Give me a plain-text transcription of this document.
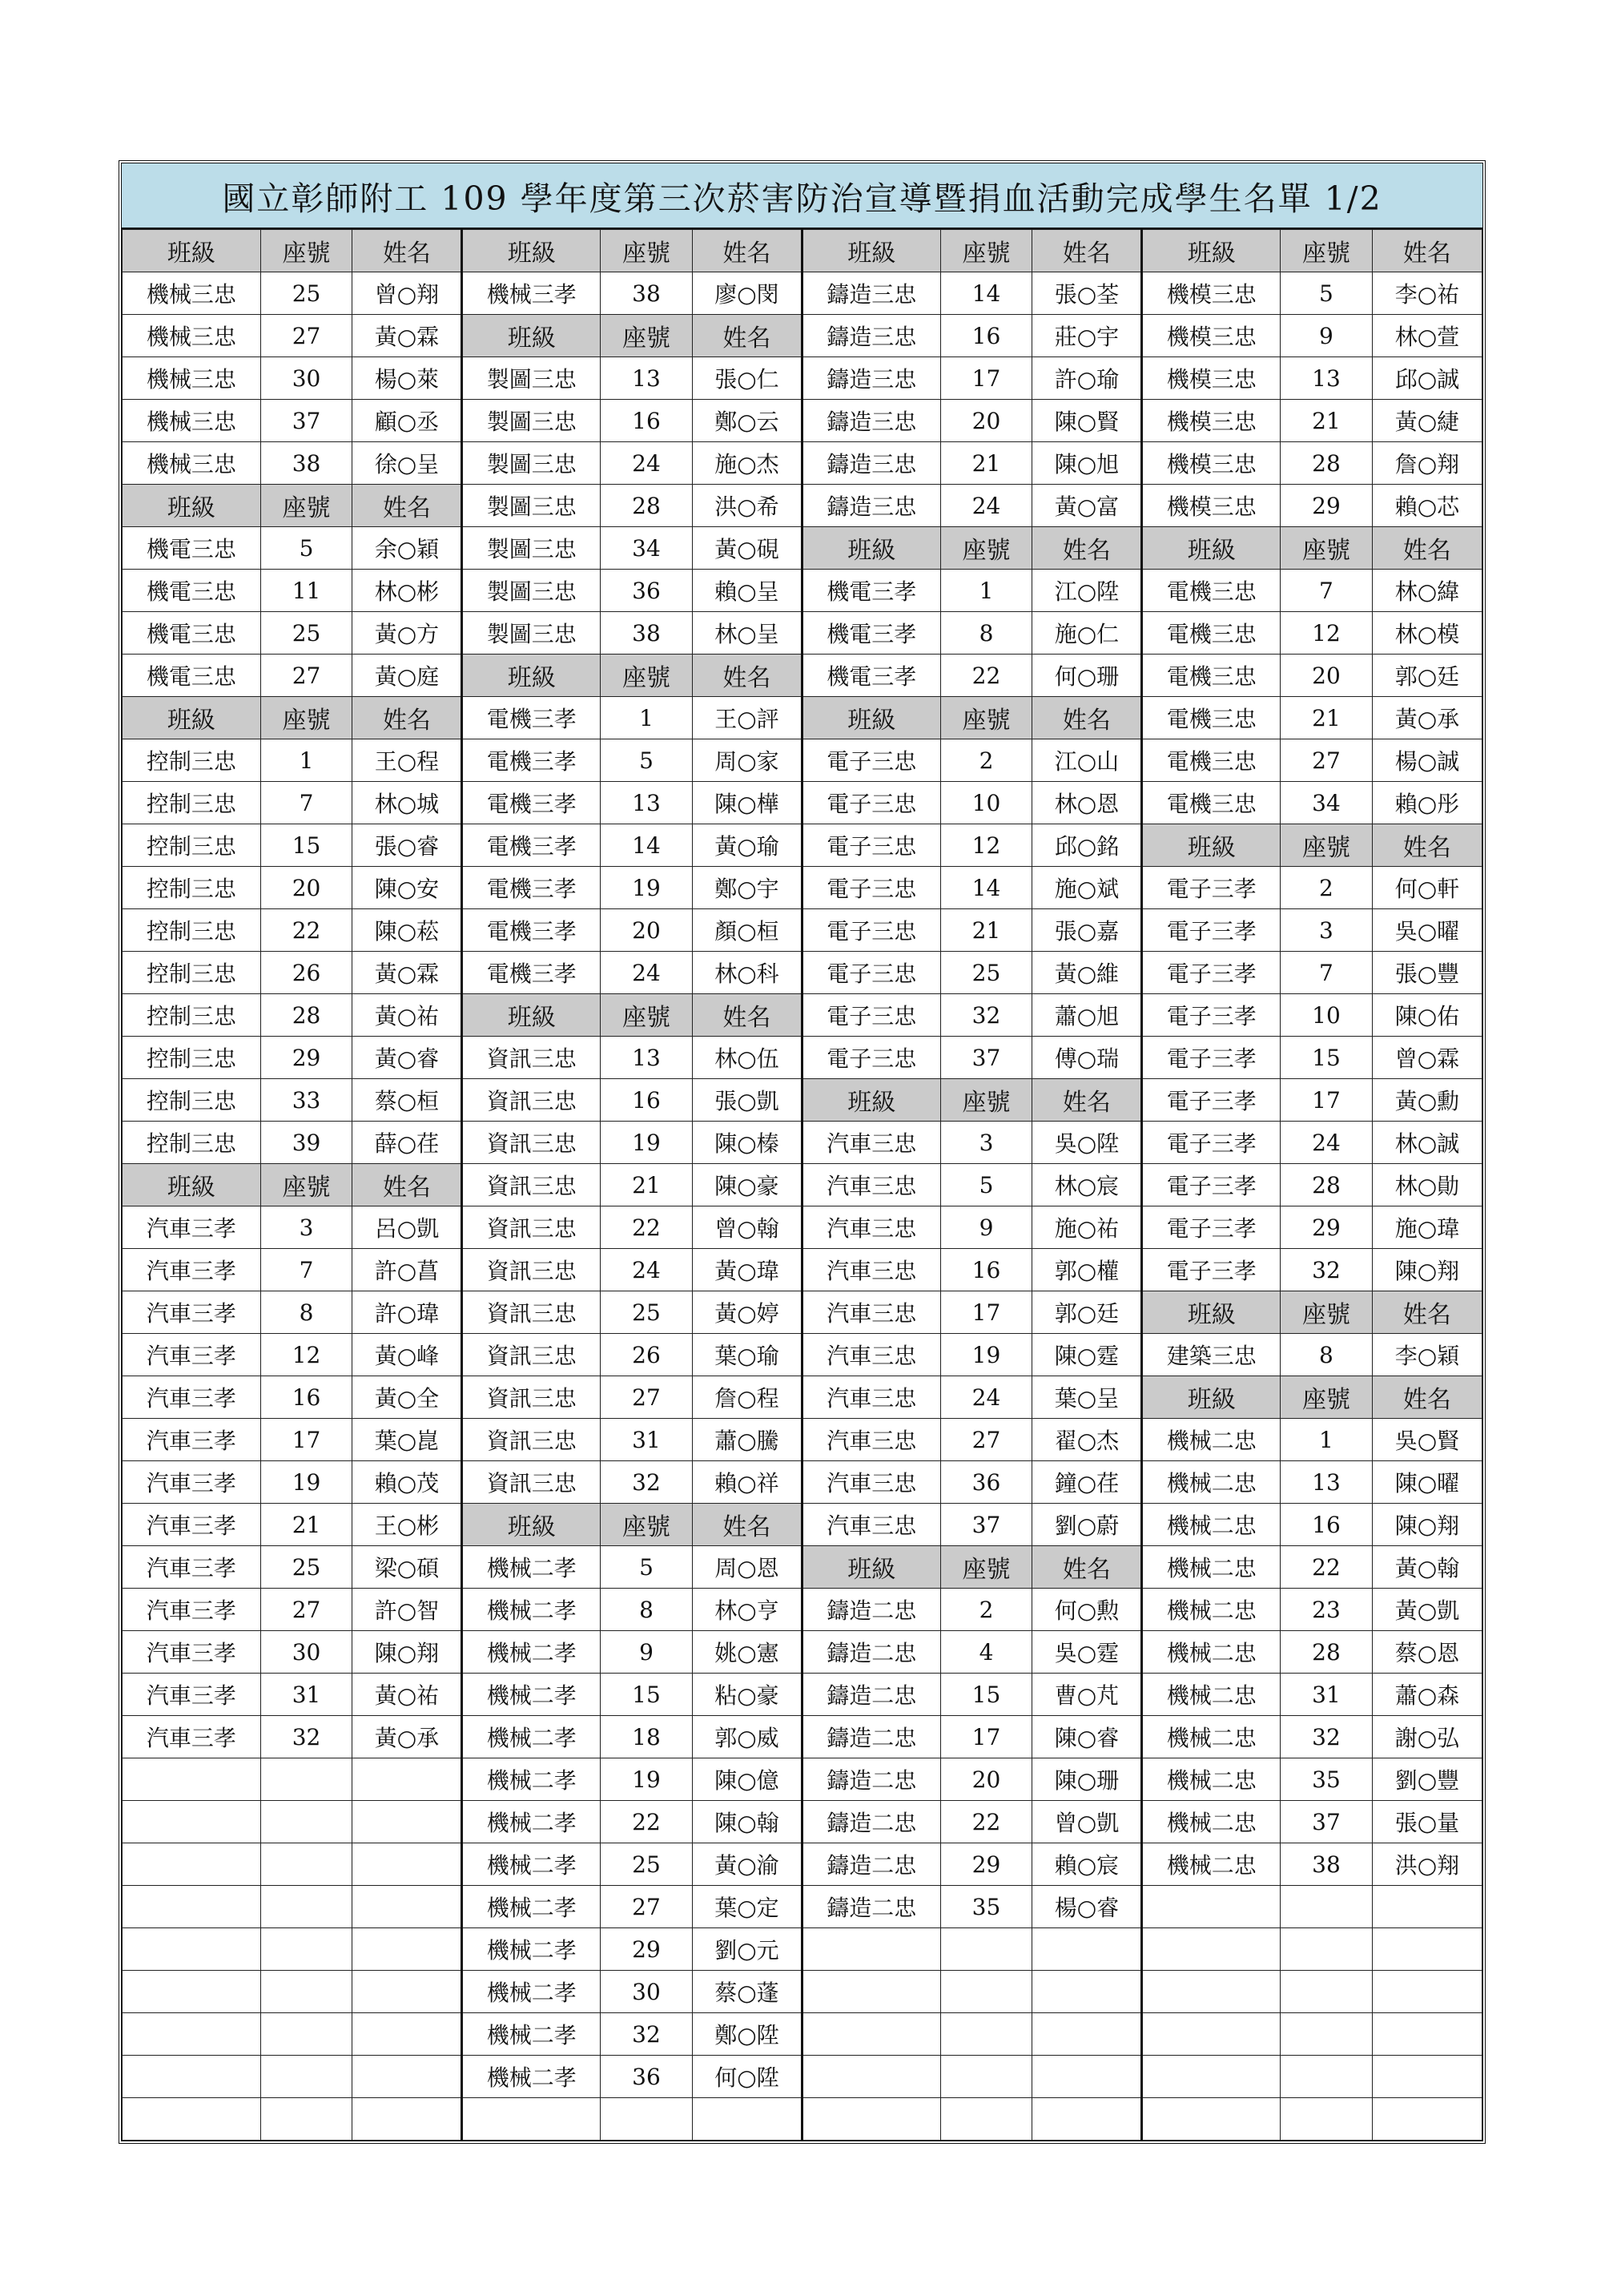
國立彰師附工 109 學年度第三次菸害防治宣導暨捐血活動完成學生名單 1/2
班級	座號	姓名	班級	座號	姓名	班級	座號	姓名	班級	座號	姓名
機械三忠	25	曾○翔	機械三孝	38	廖○閔	鑄造三忠	14	張○荃	機模三忠	5	李○祐
機械三忠	27	黃○霖	班級	座號	姓名	鑄造三忠	16	莊○宇	機模三忠	9	林○萱
機械三忠	30	楊○萊	製圖三忠	13	張○仁	鑄造三忠	17	許○瑜	機模三忠	13	邱○誠
機械三忠	37	顧○丞	製圖三忠	16	鄭○云	鑄造三忠	20	陳○賢	機模三忠	21	黃○緁
機械三忠	38	徐○呈	製圖三忠	24	施○杰	鑄造三忠	21	陳○旭	機模三忠	28	詹○翔
班級	座號	姓名	製圖三忠	28	洪○希	鑄造三忠	24	黃○富	機模三忠	29	賴○芯
機電三忠	5	余○穎	製圖三忠	34	黃○硯	班級	座號	姓名	班級	座號	姓名
機電三忠	11	林○彬	製圖三忠	36	賴○呈	機電三孝	1	江○陞	電機三忠	7	林○緯
機電三忠	25	黃○方	製圖三忠	38	林○呈	機電三孝	8	施○仁	電機三忠	12	林○模
機電三忠	27	黃○庭	班級	座號	姓名	機電三孝	22	何○珊	電機三忠	20	郭○廷
班級	座號	姓名	電機三孝	1	王○評	班級	座號	姓名	電機三忠	21	黃○承
控制三忠	1	王○程	電機三孝	5	周○家	電子三忠	2	江○山	電機三忠	27	楊○誠
控制三忠	7	林○城	電機三孝	13	陳○樺	電子三忠	10	林○恩	電機三忠	34	賴○彤
控制三忠	15	張○睿	電機三孝	14	黃○瑜	電子三忠	12	邱○銘	班級	座號	姓名
控制三忠	20	陳○安	電機三孝	19	鄭○宇	電子三忠	14	施○斌	電子三孝	2	何○軒
控制三忠	22	陳○菘	電機三孝	20	顏○桓	電子三忠	21	張○嘉	電子三孝	3	吳○曜
控制三忠	26	黃○霖	電機三孝	24	林○科	電子三忠	25	黃○維	電子三孝	7	張○豐
控制三忠	28	黃○祐	班級	座號	姓名	電子三忠	32	蕭○旭	電子三孝	10	陳○佑
控制三忠	29	黃○睿	資訊三忠	13	林○伍	電子三忠	37	傅○瑞	電子三孝	15	曾○霖
控制三忠	33	蔡○桓	資訊三忠	16	張○凱	班級	座號	姓名	電子三孝	17	黃○勳
控制三忠	39	薛○荏	資訊三忠	19	陳○榛	汽車三忠	3	吳○陞	電子三孝	24	林○誠
班級	座號	姓名	資訊三忠	21	陳○豪	汽車三忠	5	林○宸	電子三孝	28	林○勛
汽車三孝	3	呂○凱	資訊三忠	22	曾○翰	汽車三忠	9	施○祐	電子三孝	29	施○瑋
汽車三孝	7	許○菖	資訊三忠	24	黃○瑋	汽車三忠	16	郭○權	電子三孝	32	陳○翔
汽車三孝	8	許○瑋	資訊三忠	25	黃○婷	汽車三忠	17	郭○廷	班級	座號	姓名
汽車三孝	12	黃○峰	資訊三忠	26	葉○瑜	汽車三忠	19	陳○霆	建築三忠	8	李○穎
汽車三孝	16	黃○全	資訊三忠	27	詹○程	汽車三忠	24	葉○呈	班級	座號	姓名
汽車三孝	17	葉○崑	資訊三忠	31	蕭○騰	汽車三忠	27	翟○杰	機械二忠	1	吳○賢
汽車三孝	19	賴○茂	資訊三忠	32	賴○祥	汽車三忠	36	鐘○荏	機械二忠	13	陳○曜
汽車三孝	21	王○彬	班級	座號	姓名	汽車三忠	37	劉○蔚	機械二忠	16	陳○翔
汽車三孝	25	梁○碩	機械二孝	5	周○恩	班級	座號	姓名	機械二忠	22	黃○翰
汽車三孝	27	許○智	機械二孝	8	林○亨	鑄造二忠	2	何○勲	機械二忠	23	黃○凱
汽車三孝	30	陳○翔	機械二孝	9	姚○憲	鑄造二忠	4	吳○霆	機械二忠	28	蔡○恩
汽車三孝	31	黃○祐	機械二孝	15	粘○豪	鑄造二忠	15	曹○芃	機械二忠	31	蕭○森
汽車三孝	32	黃○承	機械二孝	18	郭○威	鑄造二忠	17	陳○睿	機械二忠	32	謝○弘
			機械二孝	19	陳○億	鑄造二忠	20	陳○珊	機械二忠	35	劉○豐
			機械二孝	22	陳○翰	鑄造二忠	22	曾○凱	機械二忠	37	張○量
			機械二孝	25	黃○渝	鑄造二忠	29	賴○宸	機械二忠	38	洪○翔
			機械二孝	27	葉○定	鑄造二忠	35	楊○睿			
			機械二孝	29	劉○元						
			機械二孝	30	蔡○蓬						
			機械二孝	32	鄭○陞						
			機械二孝	36	何○陞						
